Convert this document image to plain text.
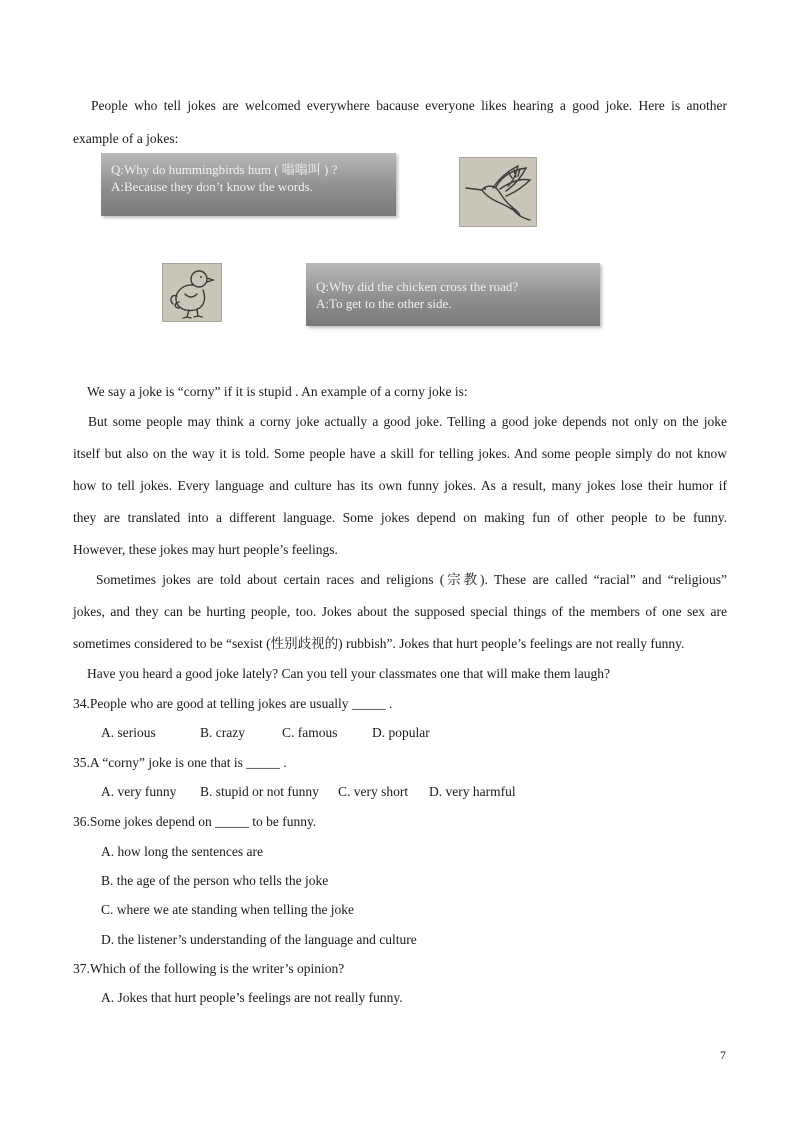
People who tell jokes are welcomed everywhere bacause everyone likes hearing a good joke. Here is another
example of a jokes:
Q:Why do hummingbirds hum ( 嗡嗡叫 ) ?
A:Because they don’t know the words.
Q:Why did the chicken cross the road?
A:To get to the other side.
We say a joke is “corny” if it is stupid . An example of a corny joke is:
But some people may think a corny joke actually a good joke. Telling a good joke depends not only on the joke
itself but also on the way it is told. Some people have a skill for telling jokes. And some people simply do not know
how to tell jokes. Every language and culture has its own funny jokes. As a result, many jokes lose their humor if
they are translated into a different language. Some jokes depend on making fun of other people to be funny.
However, these jokes may hurt people’s feelings.
Sometimes jokes are told about certain races and religions (宗教). These are called “racial” and “religious”
jokes, and they can be hurting people, too. Jokes about the supposed special things of the members of one sex are
sometimes considered to be “sexist (性别歧视的) rubbish”. Jokes that hurt people’s feelings are not really funny.
Have you heard a good joke lately? Can you tell your classmates one that will make them laugh?
34.People who are good at telling jokes are usually _____ .
A. serious	B. crazy	C. famous	D. popular
35.A “corny” joke is one that is _____ .
A. very funny B. stupid or not funny C. very short D. very harmful
36.Some jokes depend on _____ to be funny.
A. how long the sentences are
B. the age of the person who tells the joke
C. where we ate standing when telling the joke
D. the listener’s understanding of the language and culture
37.Which of the following is the writer’s opinion?
A. Jokes that hurt people’s feelings are not really funny.
7
